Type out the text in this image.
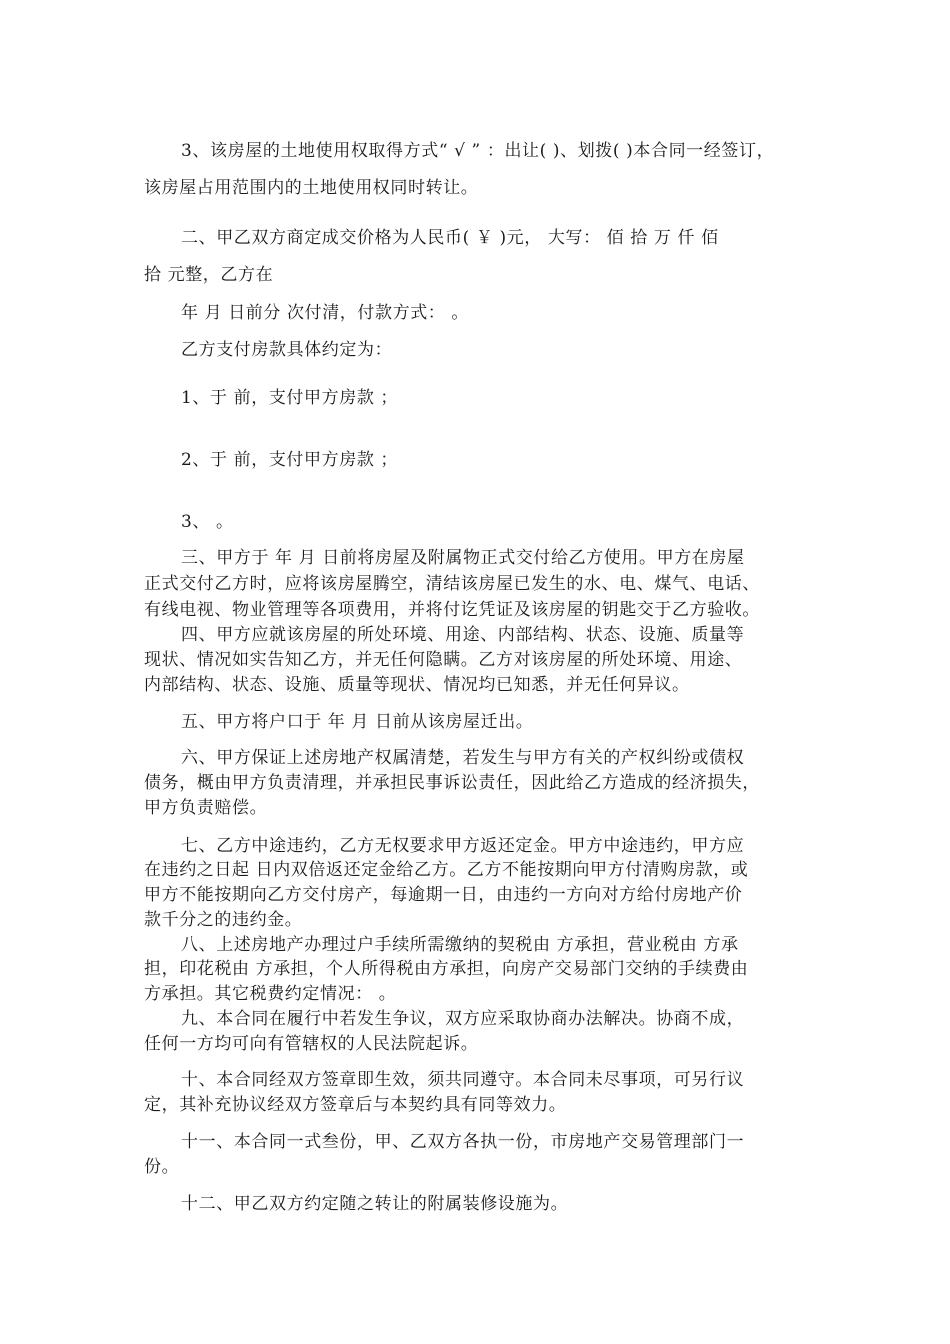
3、该房屋的土地使用权取得方式“ √ ” ：出让( )、划拨( )本合同一经签订，
该房屋占用范围内的土地使用权同时转让。
二、甲乙双方商定成交价格为人民币( ￥ )元， 大写： 佰 拾 万 仟 佰
拾 元整，乙方在
年 月 日前分 次付清，付款方式： 。
乙方支付房款具体约定为：
1、于 前，支付甲方房款 ；
2、于 前，支付甲方房款 ；
3、 。
三、甲方于 年 月 日前将房屋及附属物正式交付给乙方使用。甲方在房屋
正式交付乙方时，应将该房屋腾空，清结该房屋已发生的水、电、煤气、电话、
有线电视、物业管理等各项费用，并将付讫凭证及该房屋的钥匙交于乙方验收。
四、甲方应就该房屋的所处环境、用途、内部结构、状态、设施、质量等
现状、情况如实告知乙方，并无任何隐瞒。乙方对该房屋的所处环境、用途、
内部结构、状态、设施、质量等现状、情况均已知悉，并无任何异议。
五、甲方将户口于 年 月 日前从该房屋迁出。
六、甲方保证上述房地产权属清楚，若发生与甲方有关的产权纠纷或债权
债务，概由甲方负责清理，并承担民事诉讼责任，因此给乙方造成的经济损失，
甲方负责赔偿。
七、乙方中途违约，乙方无权要求甲方返还定金。甲方中途违约，甲方应
在违约之日起 日内双倍返还定金给乙方。乙方不能按期向甲方付清购房款，或
甲方不能按期向乙方交付房产，每逾期一日，由违约一方向对方给付房地产价
款千分之的违约金。
八、上述房地产办理过户手续所需缴纳的契税由 方承担，营业税由 方承
担，印花税由 方承担，个人所得税由方承担，向房产交易部门交纳的手续费由
方承担。其它税费约定情况： 。
九、本合同在履行中若发生争议，双方应采取协商办法解决。协商不成，
任何一方均可向有管辖权的人民法院起诉。
十、本合同经双方签章即生效，须共同遵守。本合同未尽事项，可另行议
定，其补充协议经双方签章后与本契约具有同等效力。
十一、本合同一式叁份，甲、乙双方各执一份，市房地产交易管理部门一
份。
十二、甲乙双方约定随之转让的附属装修设施为。
